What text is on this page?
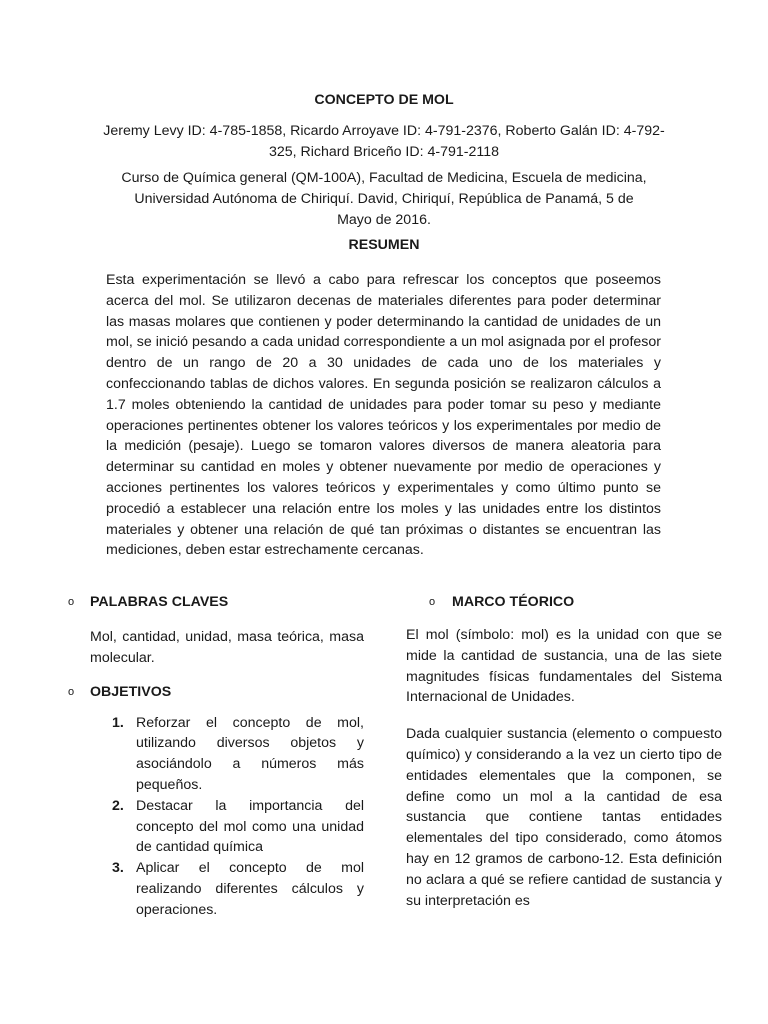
CONCEPTO DE MOL
Jeremy Levy ID: 4-785-1858, Ricardo Arroyave ID: 4-791-2376, Roberto Galán ID: 4-792-325, Richard Briceño ID: 4-791-2118
Curso de Química general (QM-100A), Facultad de Medicina, Escuela de medicina, Universidad Autónoma de Chiriquí. David, Chiriquí, República de Panamá, 5 de Mayo de 2016.
RESUMEN

Esta experimentación se llevó a cabo para refrescar los conceptos que poseemos acerca del mol. Se utilizaron decenas de materiales diferentes para poder determinar las masas molares que contienen y poder determinando la cantidad de unidades de un mol, se inició pesando a cada unidad correspondiente a un mol asignada por el profesor dentro de un rango de 20 a 30 unidades de cada uno de los materiales y confeccionando tablas de dichos valores. En segunda posición se realizaron cálculos a 1.7 moles obteniendo la cantidad de unidades para poder tomar su peso y mediante operaciones pertinentes obtener los valores teóricos y los experimentales por medio de la medición (pesaje). Luego se tomaron valores diversos de manera aleatoria para determinar su cantidad en moles y obtener nuevamente por medio de operaciones y acciones pertinentes los valores teóricos y experimentales y como último punto se procedió a establecer una relación entre los moles y las unidades entre los distintos materiales y obtener una relación de qué tan próximas o distantes se encuentran las mediciones, deben estar estrechamente cercanas.

o PALABRAS CLAVES

Mol, cantidad, unidad, masa teórica, masa molecular.

o OBJETIVOS
1. Reforzar el concepto de mol, utilizando diversos objetos y asociándolo a números más pequeños.
2. Destacar la importancia del concepto del mol como una unidad de cantidad química
3. Aplicar el concepto de mol realizando diferentes cálculos y operaciones.
o MARCO TÉORICO

El mol (símbolo: mol) es la unidad con que se mide la cantidad de sustancia, una de las siete magnitudes físicas fundamentales del Sistema Internacional de Unidades.

Dada cualquier sustancia (elemento o compuesto químico) y considerando a la vez un cierto tipo de entidades elementales que la componen, se define como un mol a la cantidad de esa sustancia que contiene tantas entidades elementales del tipo considerado, como átomos hay en 12 gramos de carbono-12. Esta definición no aclara a qué se refiere cantidad de sustancia y su interpretación es
